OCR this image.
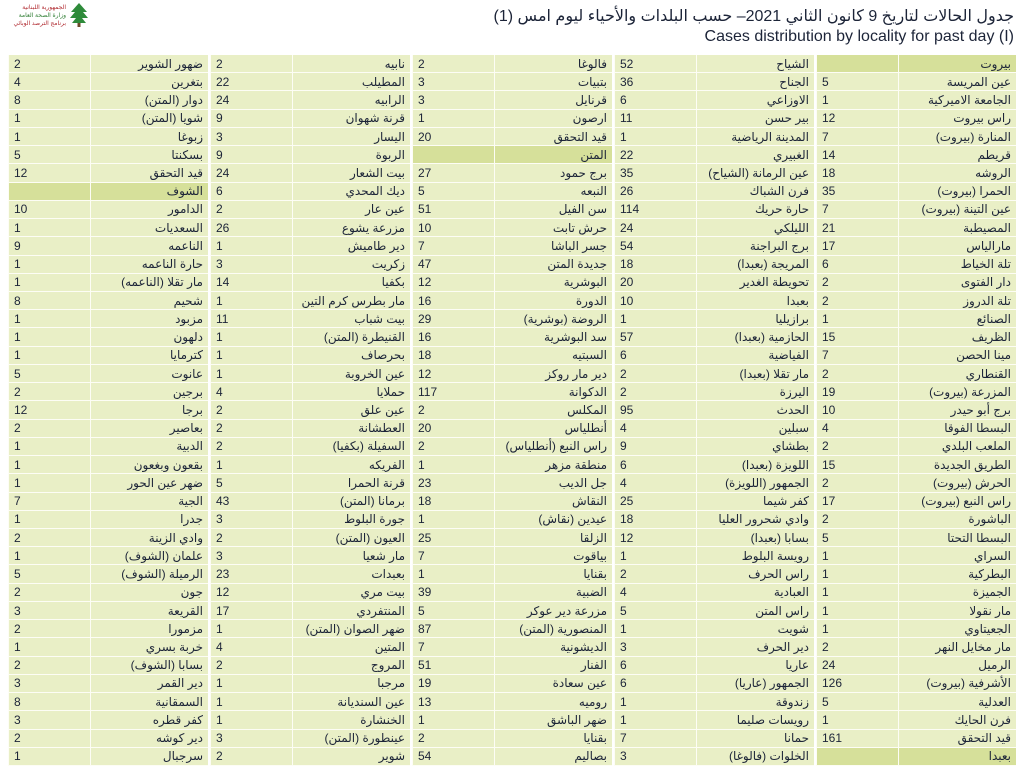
الجمهورية اللبنانية
وزارة الصحة العامة
برنامج الترصد الوبائي	جدول الحالات لتاريخ 9 كانون الثاني 2021– حسب البلدات والأحياء ليوم امس (1)
Cases distribution by locality for past day (I)
بيروت
عين المريسة
5
الجامعة الاميركية
1
راس بيروت
12
المنارة (بيروت)
7
قريطم
14
الروشه
18
الحمرا (بيروت)
35
عين التينة (بيروت)
7
المصيطبة
21
مارالياس
17
تلة الخياط
6
دار الفتوى
2
تلة الدروز
2
الصنائع
1
الظريف
15
مينا الحصن
7
القنطاري
2
المزرعة (بيروت)
19
برج أبو حيدر
10
البسطا الفوقا
4
الملعب البلدي
2
الطريق الجديدة
15
الحرش (بيروت)
2
راس النبع (بيروت)
17
الباشورة
2
البسطا التحتا
5
السراي
1
البطركية
1
الجميزة
1
مار نقولا
1
الجعيتاوي
1
مار مخايل النهر
2
الرميل
24
الأشرفية (بيروت)
126
العدلية
5
فرن الحايك
1
قيد التحقق
161
بعبدا
الشياح
52
الجناح
36
الاوزاعي
6
بير حسن
11
المدينة الرياضية
1
الغبيري
22
عين الرمانة (الشياح)
35
فرن الشباك
26
حارة حريك
114
الليلكي
24
برج البراجنة
54
المريجة (بعبدا)
18
تحويطة الغدير
20
بعبدا
10
برازيليا
1
الحازمية (بعبدا)
57
الفياضية
6
مار تقلا (بعبدا)
2
اليرزة
2
الحدث
95
سبلين
4
بطشاي
9
اللويزة (بعبدا)
6
الجمهور (اللويزة)
4
كفر شيما
25
وادي شحرور العليا
18
بسابا (بعبدا)
12
رويسة البلوط
1
راس الحرف
2
العبادية
4
راس المتن
5
شويت
1
دير الحرف
3
عاريا
6
الجمهور (عاريا)
6
زندوقة
1
رويسات صليما
1
حمانا
7
الخلوات (فالوغا)
3
فالوغا
2
بتبيات
3
قرنايل
3
ارصون
1
قيد التحقق
20
المتن
برج حمود
27
النبعه
5
سن الفيل
51
حرش تابت
10
جسر الباشا
7
جديدة المتن
47
البوشرية
12
الدورة
16
الروضة (بوشرية)
29
سد البوشرية
16
السبتيه
18
دير مار روكز
12
الدكوانة
117
المكلس
2
أنطلياس
20
راس النبع (أنطلياس)
2
منطقة مزهر
1
جل الديب
23
النقاش
18
عيدين (نقاش)
1
الزلقا
25
بياقوت
7
بقنايا
1
الضبية
39
مزرعة دير عوكر
5
المنصورية (المتن)
87
الديشونية
7
الفنار
51
عين سعادة
19
روميه
13
ضهر الباشق
1
بقنايا
2
بصاليم
54
نابيه
2
المطيلب
22
الرابيه
24
قرنة شهوان
9
اليسار
3
الربوة
9
بيت الشعار
24
ديك المحدي
6
عين عار
2
مزرعة يشوع
26
دير طاميش
1
زكريت
3
بكفيا
14
مار بطرس كرم التين
1
بيت شباب
11
القنيطرة (المتن)
1
بحرصاف
1
عين الخروبة
1
حملايا
4
عين علق
2
العطشانة
2
السفيلة (بكفيا)
2
الفريكه
1
قرنة الحمرا
5
برمانا (المتن)
43
جورة البلوط
3
العيون (المتن)
2
مار شعيا
3
بعبدات
23
بيت مري
12
المنتفردي
17
ضهر الصوان (المتن)
1
المتين
4
المروج
2
مرجبا
1
عين السنديانة
1
الخنشارة
1
عينطورة (المتن)
3
شوير
2
ضهور الشوير
2
بتغرين
4
دوار (المتن)
8
شويا (المتن)
1
زبوغا
1
بسكنتا
5
قيد التحقق
12
الشوف
الدامور
10
السعديات
1
الناعمه
9
حارة الناعمه
1
مار تقلا (الناعمه)
1
شحيم
8
مزبود
1
دلهون
1
كترمايا
1
عانوت
5
برجين
2
برجا
12
بعاصير
2
الدبية
1
بقعون وبغعون
1
ضهر عين الحور
1
الجية
7
جدرا
1
وادي الزينة
2
علمان (الشوف)
1
الرميلة (الشوف)
5
جون
2
القريعة
3
مزمورا
2
خربة بسري
1
بسابا (الشوف)
2
دير القمر
3
السمقانية
8
كفر قطره
3
دير كوشه
2
سرجبال
1
